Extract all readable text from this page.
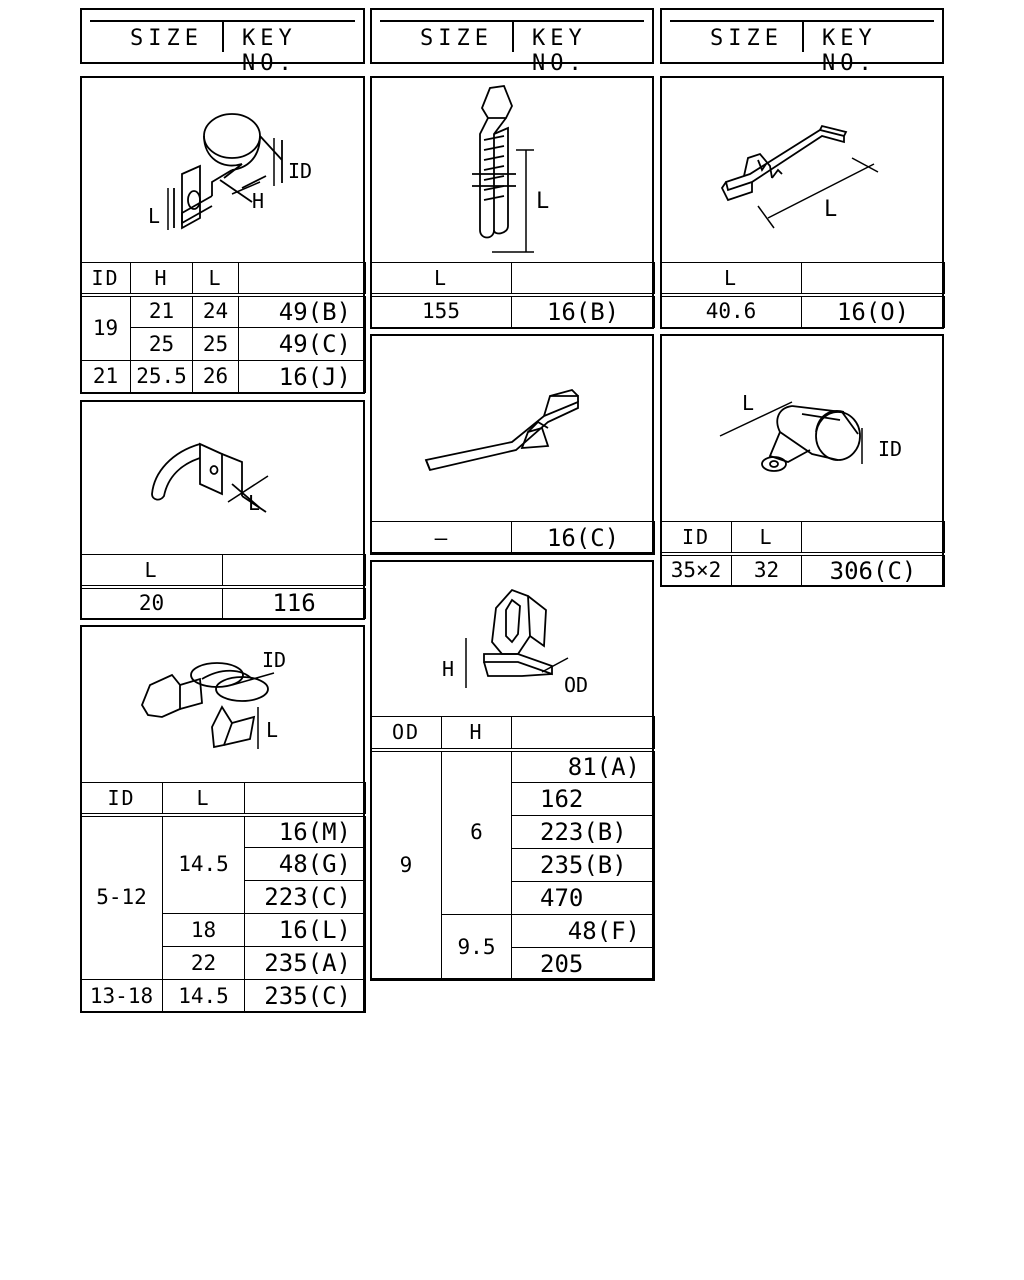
SIZE KEY NO.
SIZE KEY NO.
SIZE KEY NO.
ID
H
L
ID	H	L	
19	21	24	49(B)
	25	25	49(C)
21	25.5	26	16(J)
L
L	
20	116
ID
L
ID	L	
5-12	14.5	16(M)
		48(G)
		223(C)
	18	16(L)
	22	235(A)
13-18	14.5	235(C)
L
L	
155	16(B)
—	16(C)
H
OD
OD	H	
9	6	81(A)
		162
		223(B)
		235(B)
		470
	9.5	48(F)
		205
L
L	
40.6	16(O)
L
ID
ID	L	
35×2	32	306(C)
